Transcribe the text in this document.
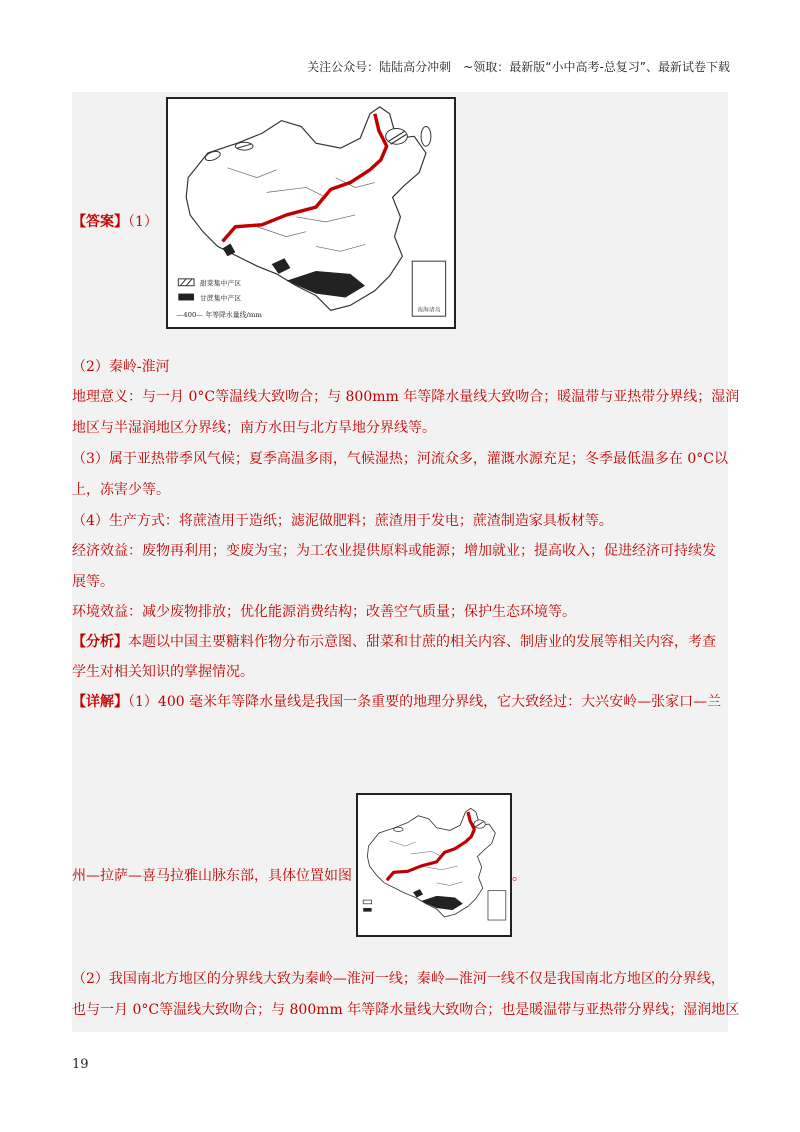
关注公众号：陆陆高分冲刺　~领取：最新版“小中高考-总复习”、最新试卷下载
【答案】（1）
南海诸岛
甜菜集中产区
甘蔗集中产区
—400— 年等降水量线/mm
（2）秦岭-淮河
地理意义：与一月 0°C等温线大致吻合；与 800mm 年等降水量线大致吻合；暖温带与亚热带分界线；湿润
地区与半湿润地区分界线；南方水田与北方旱地分界线等。
（3）属于亚热带季风气候；夏季高温多雨，气候湿热；河流众多，灌溉水源充足；冬季最低温多在 0°C以
上，冻害少等。
（4）生产方式：将蔗渣用于造纸；滤泥做肥料；蔗渣用于发电；蔗渣制造家具板材等。
经济效益：废物再利用；变废为宝；为工农业提供原料或能源；增加就业；提高收入；促进经济可持续发
展等。
环境效益：减少废物排放；优化能源消费结构；改善空气质量；保护生态环境等。
【分析】本题以中国主要糖料作物分布示意图、甜菜和甘蔗的相关内容、制唐业的发展等相关内容，考查
学生对相关知识的掌握情况。
【详解】（1）400 毫米年等降水量线是我国一条重要的地理分界线，它大致经过：大兴安岭—张家口—兰
州—拉萨—喜马拉雅山脉东部，具体位置如图	。
（2）我国南北方地区的分界线大致为秦岭—淮河一线；秦岭—淮河一线不仅是我国南北方地区的分界线，
也与一月 0°C等温线大致吻合；与 800mm 年等降水量线大致吻合；也是暖温带与亚热带分界线；湿润地区
19
